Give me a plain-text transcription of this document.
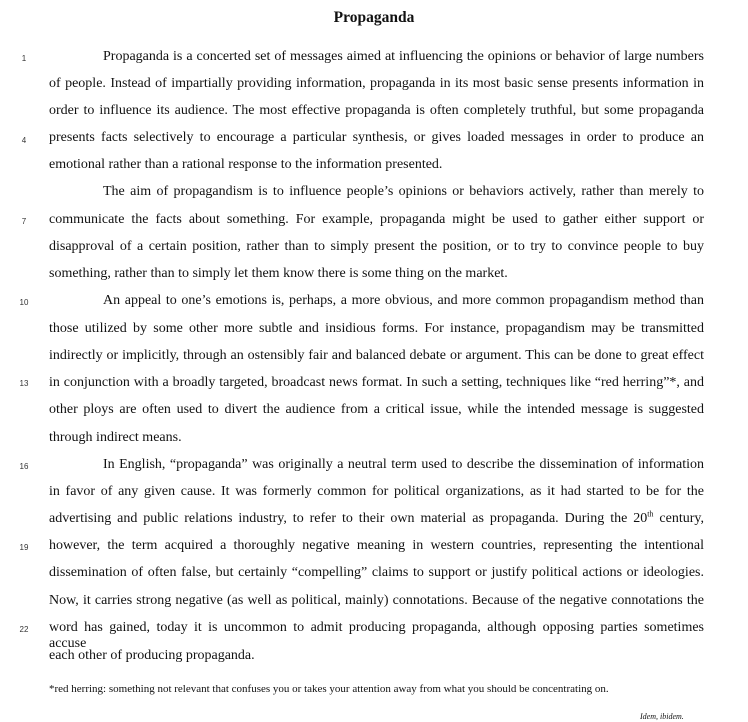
Propaganda
1
4
7
10
13
16
19
22
Propaganda is a concerted set of messages aimed at influencing the opinions or behavior of large numbers
of people. Instead of impartially providing information, propaganda in its most basic sense presents information in
order to influence its audience. The most effective propaganda is often completely truthful, but some propaganda
presents facts selectively to encourage a particular synthesis, or gives loaded messages in order to produce an
emotional rather than a rational response to the information presented.
The aim of propagandism is to influence people’s opinions or behaviors actively, rather than merely to
communicate the facts about something. For example, propaganda might be used to gather either support or
disapproval of a certain position, rather than to simply present the position, or to try to convince people to buy
something, rather than to simply let them know there is some thing on the market.
An appeal to one’s emotions is, perhaps, a more obvious, and more common propagandism method than
those utilized by some other more subtle and insidious forms. For instance, propagandism may be transmitted
indirectly or implicitly, through an ostensibly fair and balanced debate or argument. This can be done to great effect
in conjunction with a broadly targeted, broadcast news format. In such a setting, techniques like “red herring”*, and
other ploys are often used to divert the audience from a critical issue, while the intended message is suggested
through indirect means.
In English, “propaganda” was originally a neutral term used to describe the dissemination of information
in favor of any given cause. It was formerly common for political organizations, as it had started to be for the
advertising and public relations industry, to refer to their own material as propaganda. During the 20th century,
however, the term acquired a thoroughly negative meaning in western countries, representing the intentional
dissemination of often false, but certainly “compelling” claims to support or justify political actions or ideologies.
Now, it carries strong negative (as well as political, mainly) connotations. Because of the negative connotations the
word has gained, today it is uncommon to admit producing propaganda, although opposing parties sometimes accuse
each other of producing propaganda.
*red herring: something not relevant that confuses you or takes your attention away from what you should be concentrating on.
Idem, ibidem.
